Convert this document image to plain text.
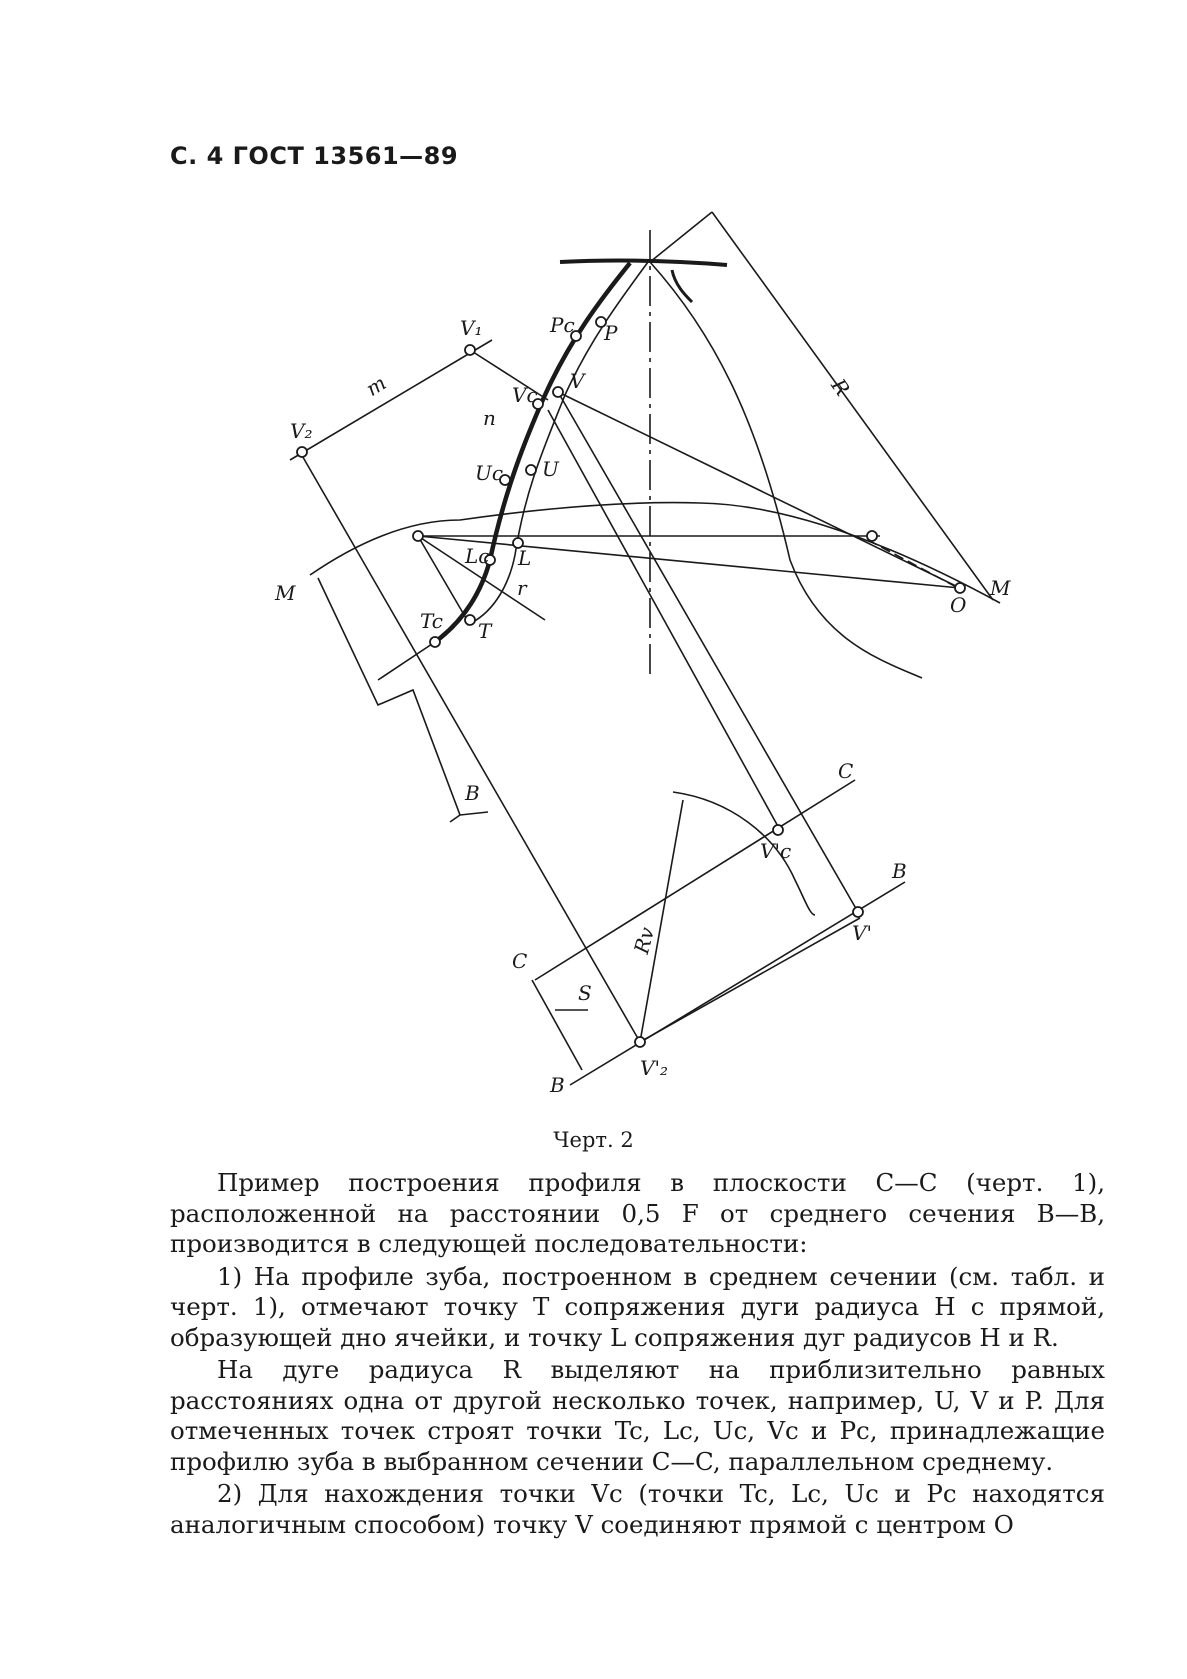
С. 4 ГОСТ 13561—89
V₁
V₂
m
n
r
Pc P
Vc
V
Uc U
Lc L
Tc T
M	M
O
R
B
C
B
V'c
V'
C
S
Rv
V'₂
B
Черт. 2

Пример построения профиля в плоскости C—C (черт. 1), расположенной на расстоянии 0,5 F от среднего сечения B—B, производится в следующей последовательности:

1) На профиле зуба, построенном в среднем сечении (см. табл. и черт. 1), отмечают точку T сопряжения дуги радиуса H с прямой, образующей дно ячейки, и точку L сопряжения дуг радиусов H и R.

На дуге радиуса R выделяют на приблизительно равных расстояниях одна от другой несколько точек, например, U, V и P. Для отмеченных точек строят точки Tc, Lc, Uc, Vc и Pc, принадлежащие профилю зуба в выбранном сечении C—C, параллельном среднему.

2) Для нахождения точки Vc (точки Tc, Lc, Uc и Pc находятся аналогичным способом) точку V соединяют прямой с центром O
